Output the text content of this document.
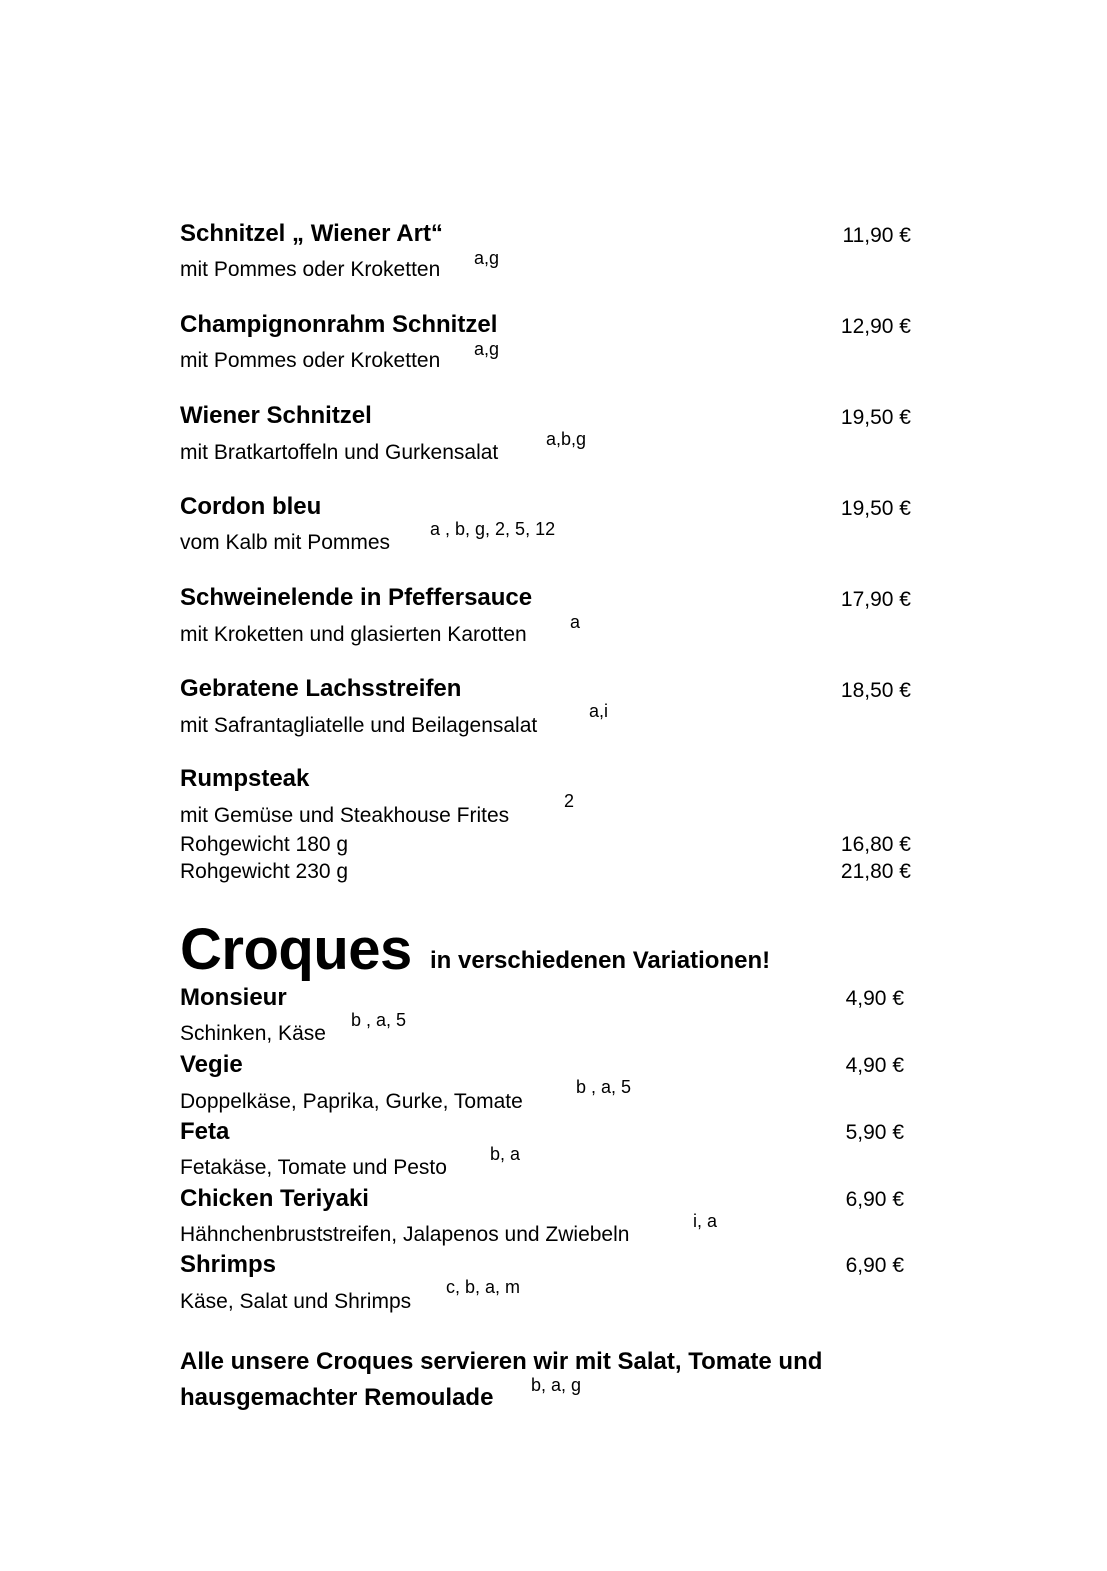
Schnitzel „ Wiener Art“	11,90 €
mit Pommes oder Kroketten a,g
Champignonrahm Schnitzel	12,90 €
mit Pommes oder Kroketten a,g
Wiener Schnitzel	19,50 €
mit Bratkartoffeln und Gurkensalat
a,b,g
Cordon bleu	19,50 €
vom Kalb mit Pommes
a , b, g, 2, 5, 12
Schweinelende in Pfeffersauce	17,90 €
mit Kroketten und glasierten Karotten
a
Gebratene Lachsstreifen	18,50 €
mit Safrantagliatelle und Beilagensalat
a,i
Rumpsteak
mit Gemüse und Steakhouse Frites
2
Rohgewicht 180 g	16,80 €
Rohgewicht 230 g	21,80 €
Croques in verschiedenen Variationen!
Monsieur	4,90 €
Schinken, Käse
b , a, 5
Vegie	4,90 €
Doppelkäse, Paprika, Gurke, Tomate
b , a, 5
Feta	5,90 €
Fetakäse, Tomate und Pesto
b, a
Chicken Teriyaki	6,90 €
Hähnchenbruststreifen, Jalapenos und Zwiebeln
i, a
Shrimps	6,90 €
Käse, Salat und Shrimps
c, b, a, m
Alle unsere Croques servieren wir mit Salat, Tomate und
hausgemachter Remoulade b, a, g
